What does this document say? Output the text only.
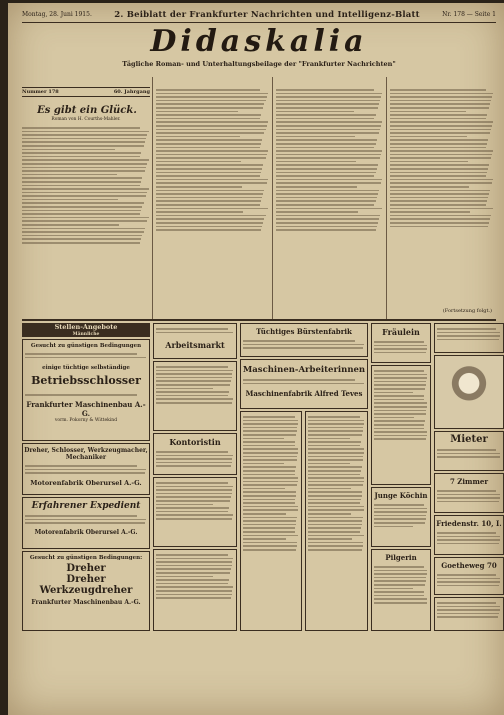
Montag, 28. Juni 1915.	2. Beiblatt der Frankfurter Nachrichten und Intelligenz-Blatt	Nr. 178 — Seite 1
Didaskalia
Tägliche Roman- und Unterhaltungsbeilage der "Frankfurter Nachrichten"
Nummer 178	60. Jahrgang
Es gibt ein Glück.
Roman von H. Courths-Mahler.
(Fortsetzung folgt.)
Stellen-Angebote
Männliche
Gesucht zu günstigen Bedingungen
einige tüchtige selbständige
Betriebsschlosser
Frankfurter Maschinenbau A.-G.
vorm. Pokorny & Wittekind
Dreher, Schlosser, Werkzeugmacher, Mechaniker
Motorenfabrik Oberursel A.-G.
Erfahrener Expedient
Motorenfabrik Oberursel A.-G.
Gesucht zu günstigen Bedingungen:
Dreher
Dreher
Werkzeugdreher
Frankfurter Maschinenbau A.-G.
Arbeitsmarkt
Kontoristin
Tüchtiges Bürstenfabrik
Maschinen-Arbeiterinnen
Maschinenfabrik Alfred Teves
Fräulein
Junge Köchin
Pilgerin
Mieter
7 Zimmer
Friedenstr. 10, I.
Goetheweg 70
